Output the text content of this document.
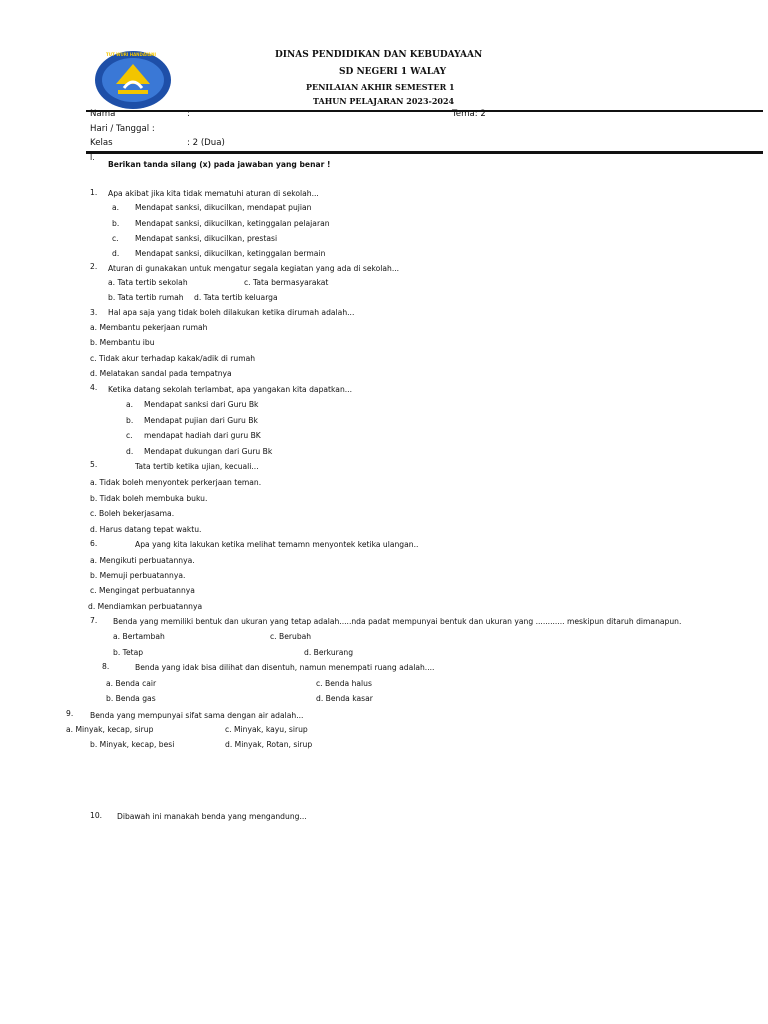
TUT WURI HANDAYANI	DINAS PENDIDIKAN DAN KEBUDAYAAN
SD NEGERI 1 WALAY
PENILAIAN AKHIR SEMESTER 1
TAHUN PELAJARAN 2023-2024
Nama	:	Tema: 2
Hari / Tanggal :
Kelas	: 2 (Dua)
I.
Berikan tanda silang (x) pada jawaban yang benar !
1. Apa akibat jika kita tidak mematuhi aturan di sekolah...
a. Mendapat sanksi, dikucilkan, mendapat pujian
b. Mendapat sanksi, dikucilkan, ketinggalan pelajaran
c. Mendapat sanksi, dikucilkan, prestasi
d. Mendapat sanksi, dikucilkan, ketinggalan bermain
2. Aturan di gunakakan untuk mengatur segala kegiatan yang ada di sekolah...
a. Tata tertib sekolah	c. Tata bermasyarakat
b. Tata tertib rumah d. Tata tertib keluarga
3. Hal apa saja yang tidak boleh dilakukan ketika dirumah adalah...
a. Membantu pekerjaan rumah
b. Membantu ibu
c. Tidak akur terhadap kakak/adik di rumah
d. Melatakan sandal pada tempatnya
4. Ketika datang sekolah terlambat, apa yangakan kita dapatkan...
a. Mendapat sanksi dari Guru Bk
b. Mendapat pujian dari Guru Bk
c. mendapat hadiah dari guru BK
d. Mendapat dukungan dari Guru Bk
5.	Tata tertib ketika ujian, kecuali...
a. Tidak boleh menyontek perkerjaan teman.
b. Tidak boleh membuka buku.
c. Boleh bekerjasama.
d. Harus datang tepat waktu.
6.	Apa yang kita lakukan ketika melihat temamn menyontek ketika ulangan..
a. Mengikuti perbuatannya.
b. Memuji perbuatannya.
c. Mengingat perbuatannya
d. Mendiamkan perbuatannya
7. Benda yang memiliki bentuk dan ukuran yang tetap adalah.....nda padat mempunyai bentuk dan ukuran yang ............ meskipun ditaruh dimanapun.
a. Bertambah	c. Berubah
b. Tetap	d. Berkurang
8.	Benda yang idak bisa dilihat dan disentuh, namun menempati ruang adalah....
a. Benda cair	c. Benda halus
b. Benda gas	d. Benda kasar
9. Benda yang mempunyai sifat sama dengan air adalah...
a. Minyak, kecap, sirup	c. Minyak, kayu, sirup
b. Minyak, kecap, besi	d. Minyak, Rotan, sirup
10. Dibawah ini manakah benda yang mengandung...
